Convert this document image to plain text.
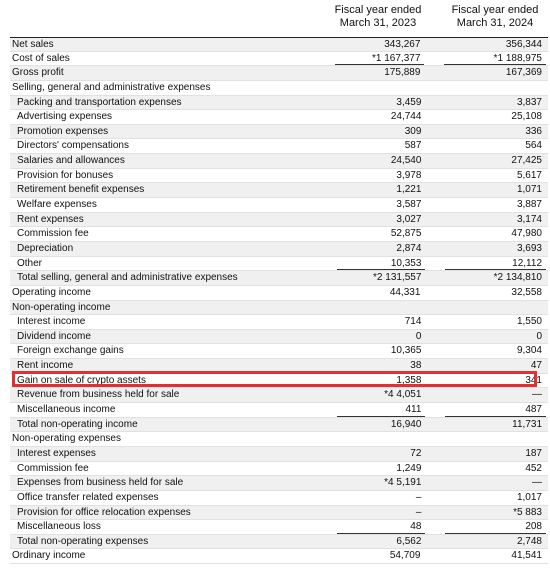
Fiscal year ended
March 31, 2023
Fiscal year ended
March 31, 2024
Net sales	343,267	356,344
Cost of sales	*1 167,377	*1 188,975
Gross profit	175,889	167,369
Selling, general and administrative expenses
Packing and transportation expenses	3,459	3,837
Advertising expenses	24,744	25,108
Promotion expenses	309	336
Directors' compensations	587	564
Salaries and allowances	24,540	27,425
Provision for bonuses	3,978	5,617
Retirement benefit expenses	1,221	1,071
Welfare expenses	3,587	3,887
Rent expenses	3,027	3,174
Commission fee	52,875	47,980
Depreciation	2,874	3,693
Other	10,353	12,112
Total selling, general and administrative expenses	*2 131,557	*2 134,810
Operating income	44,331	32,558
Non-operating income
Interest income	714	1,550
Dividend income	0	0
Foreign exchange gains	10,365	9,304
Rent income	38	47
Gain on sale of crypto assets	1,358	341
Revenue from business held for sale	*4 4,051	—
Miscellaneous income	411	487
Total non-operating income	16,940	11,731
Non-operating expenses
Interest expenses	72	187
Commission fee	1,249	452
Expenses from business held for sale	*4 5,191	—
Office transfer related expenses	–	1,017
Provision for office relocation expenses	–	*5 883
Miscellaneous loss	48	208
Total non-operating expenses	6,562	2,748
Ordinary income	54,709	41,541
